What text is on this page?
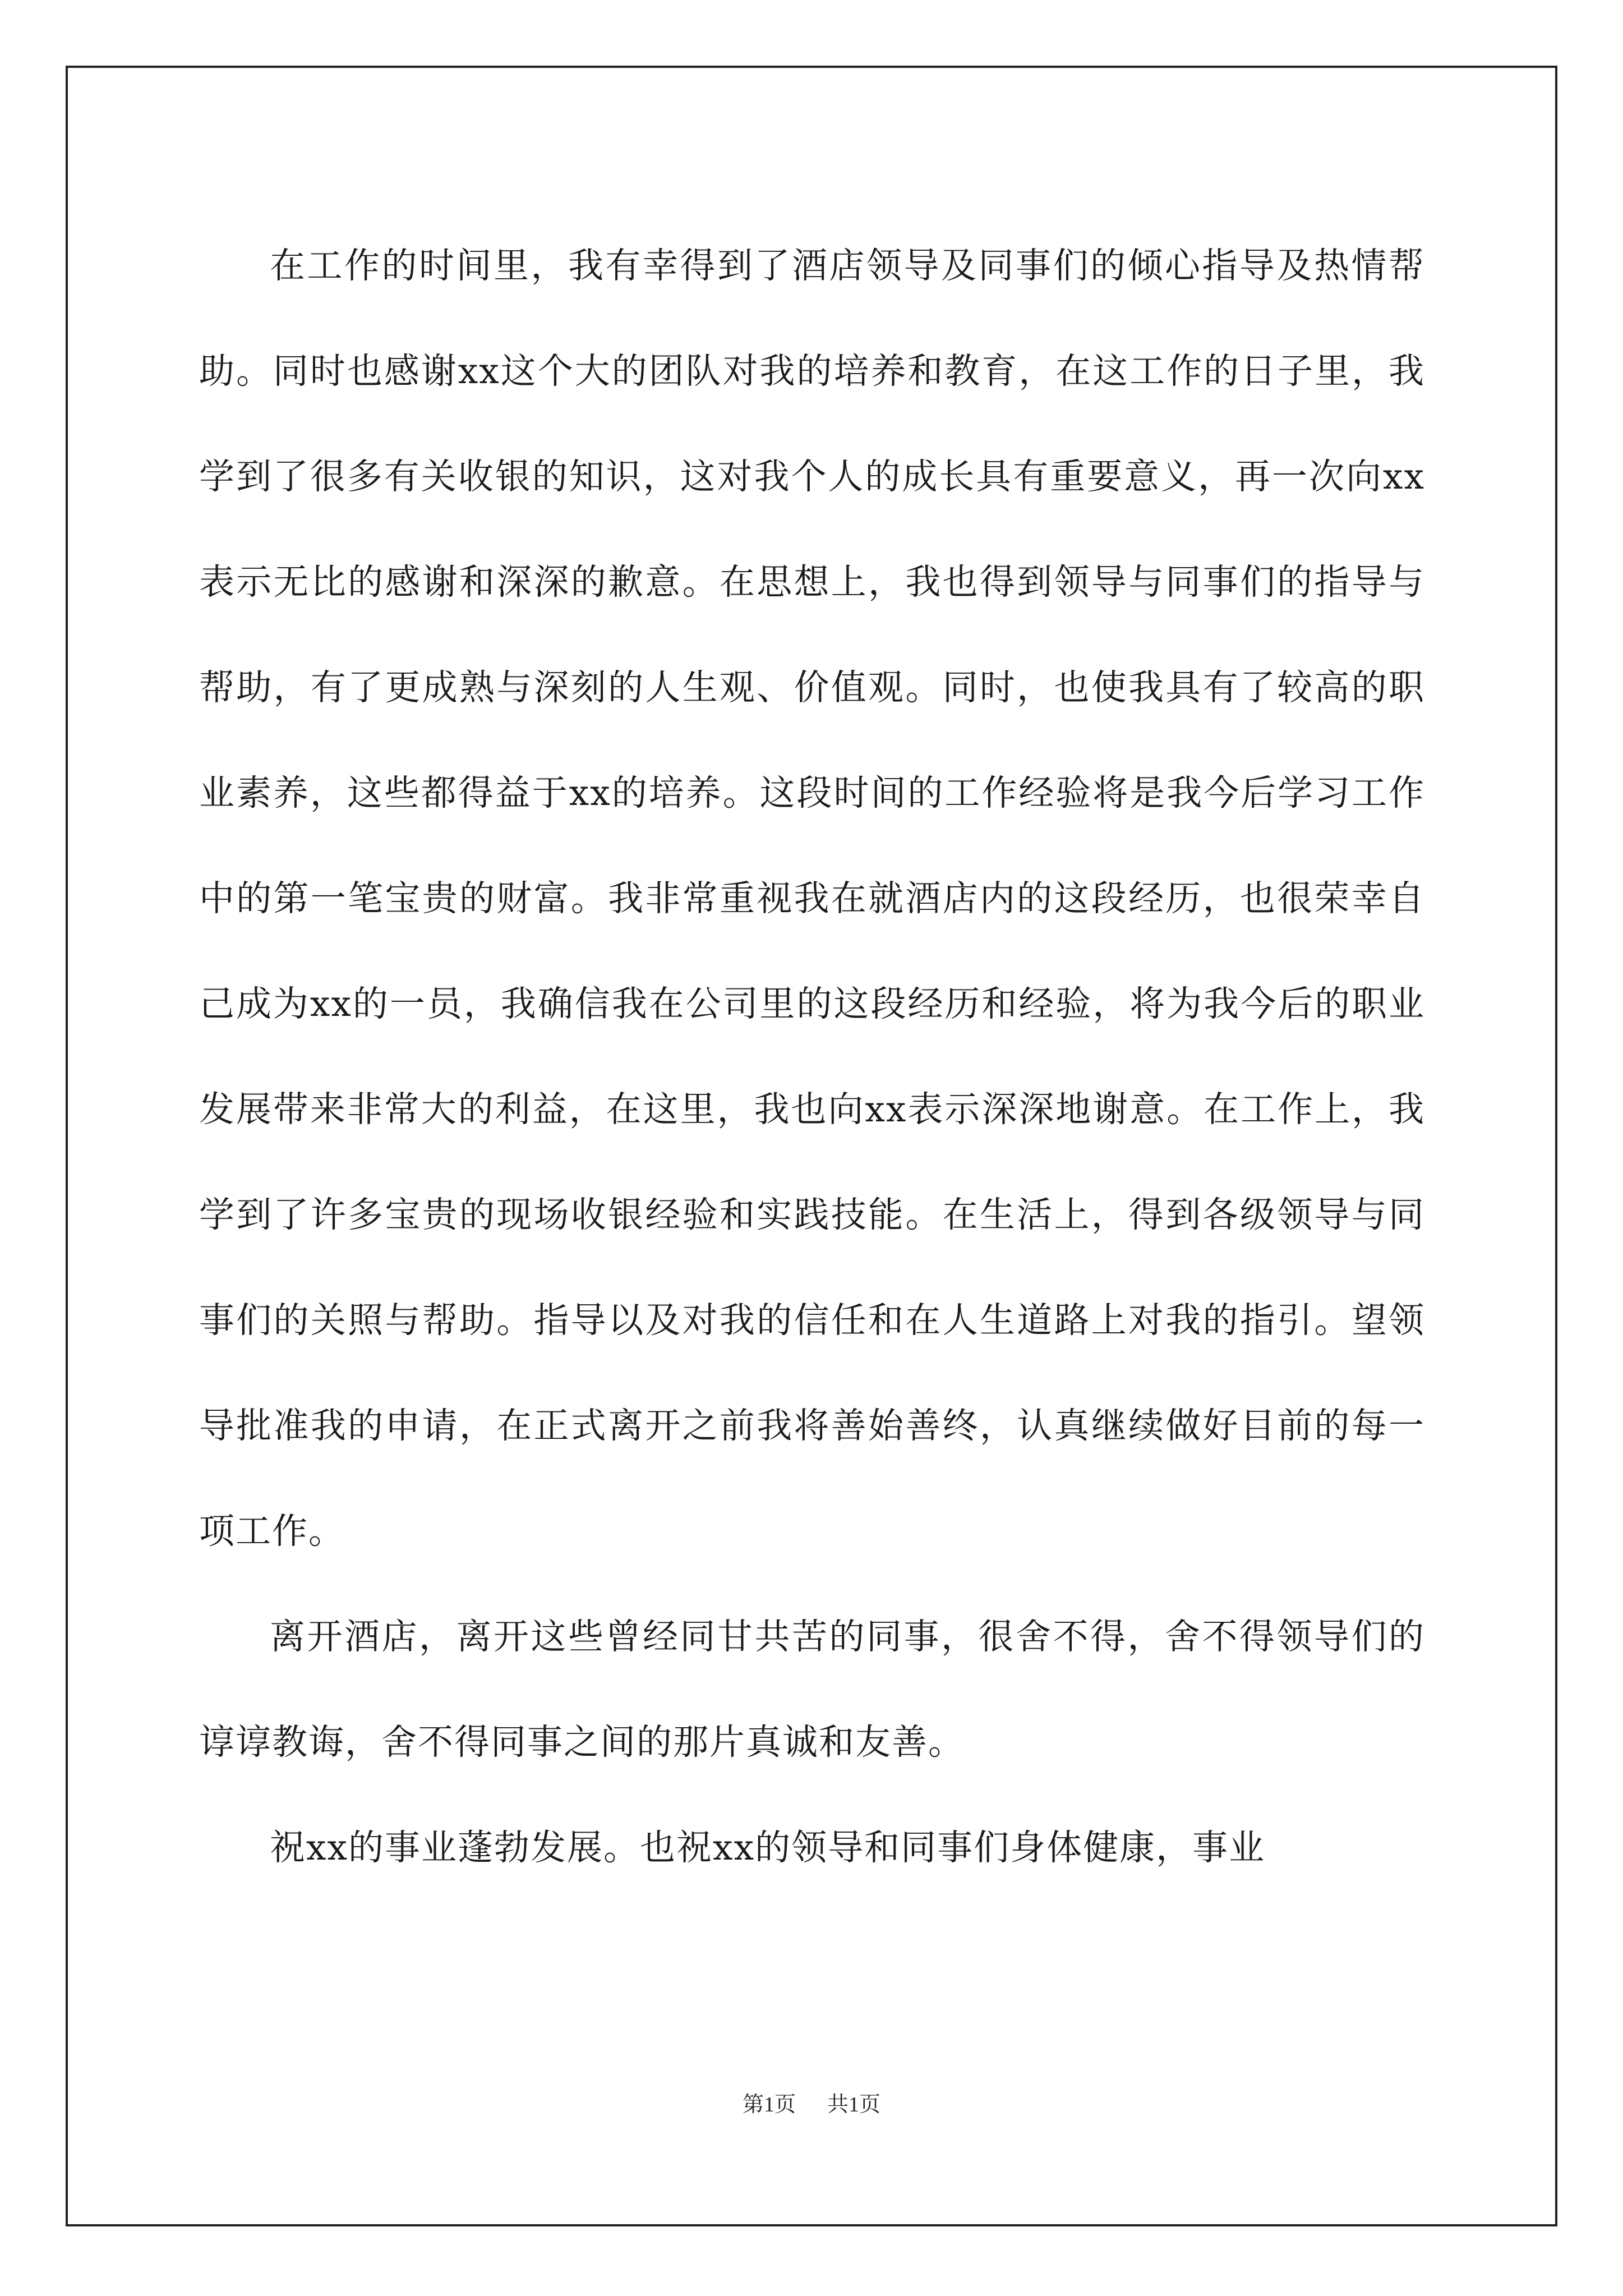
在工作的时间里，我有幸得到了酒店领导及同事们的倾心指导及热情帮助。同时也感谢xx这个大的团队对我的培养和教育，在这工作的日子里，我学到了很多有关收银的知识，这对我个人的成长具有重要意义，再一次向xx表示无比的感谢和深深的歉意。在思想上，我也得到领导与同事们的指导与帮助，有了更成熟与深刻的人生观、价值观。同时，也使我具有了较高的职业素养，这些都得益于xx的培养。这段时间的工作经验将是我今后学习工作中的第一笔宝贵的财富。我非常重视我在就酒店内的这段经历，也很荣幸自己成为xx的一员，我确信我在公司里的这段经历和经验，将为我今后的职业发展带来非常大的利益，在这里，我也向xx表示深深地谢意。在工作上，我学到了许多宝贵的现场收银经验和实践技能。在生活上，得到各级领导与同事们的关照与帮助。指导以及对我的信任和在人生道路上对我的指引。望领导批准我的申请，在正式离开之前我将善始善终，认真继续做好目前的每一项工作。

离开酒店，离开这些曾经同甘共苦的同事，很舍不得，舍不得领导们的谆谆教诲，舍不得同事之间的那片真诚和友善。

祝xx的事业蓬勃发展。也祝xx的领导和同事们身体健康，事业

第1页 共1页
